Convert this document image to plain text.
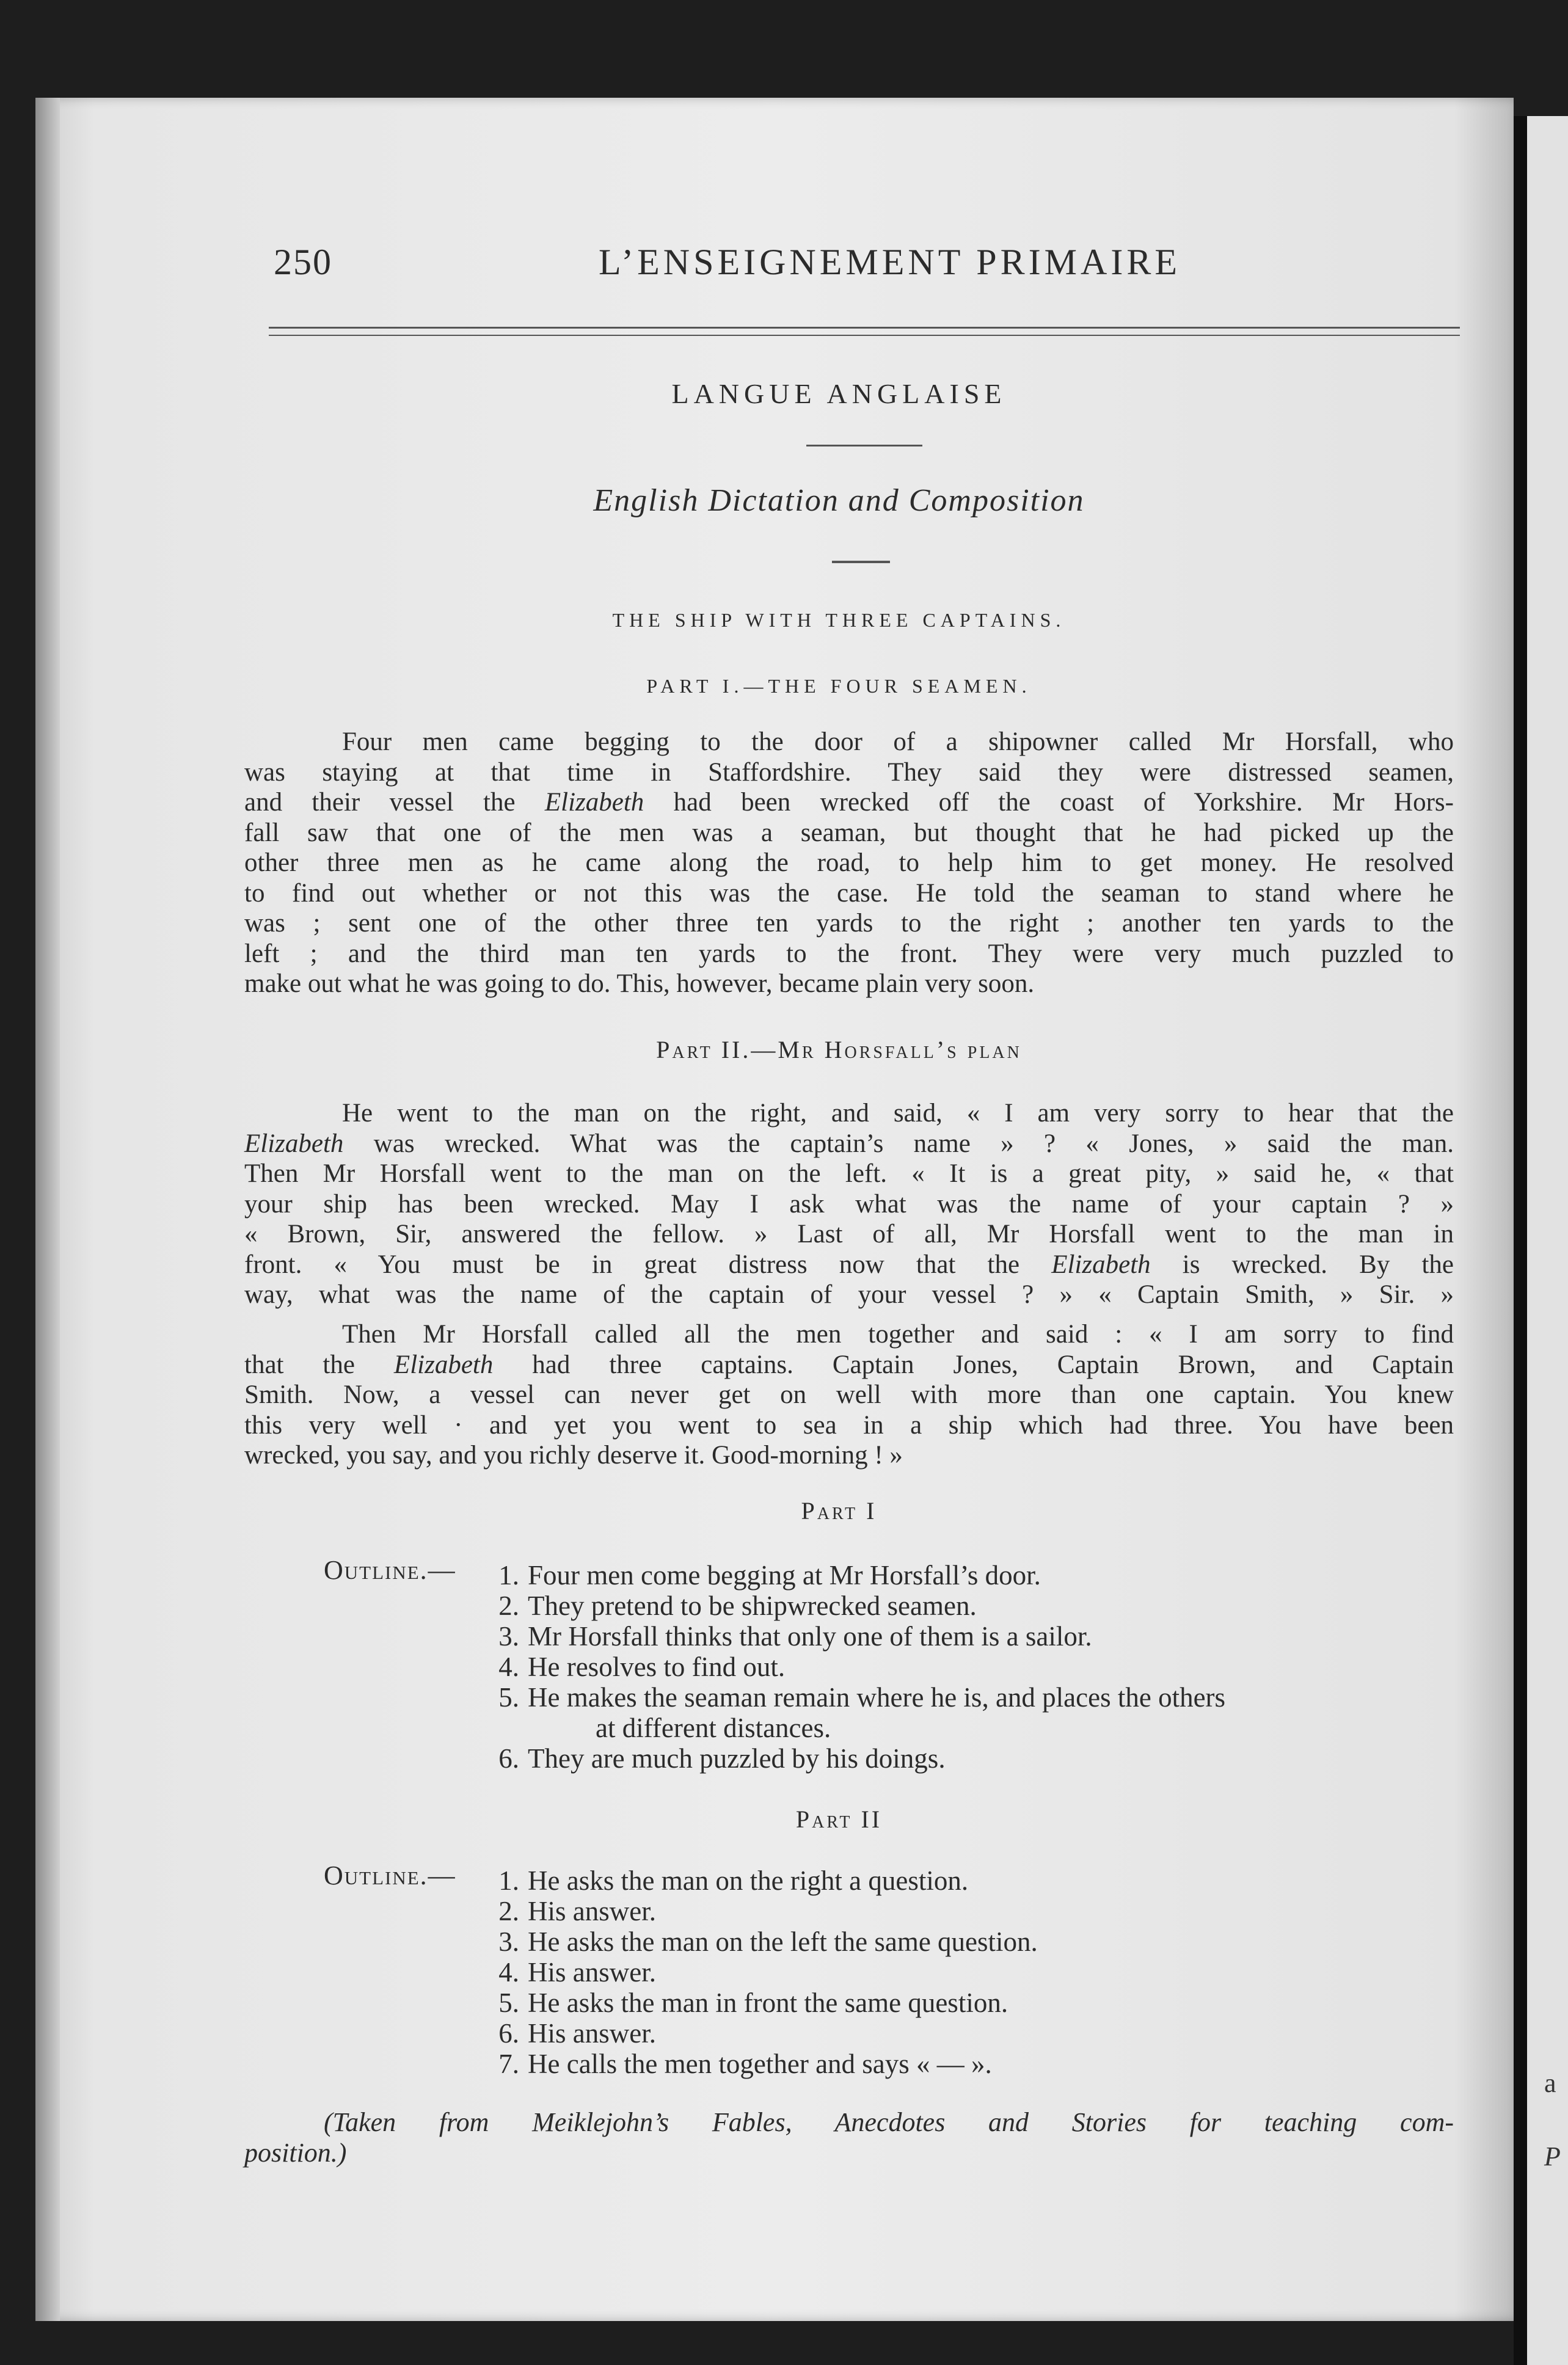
a
P
250	L’ENSEIGNEMENT PRIMAIRE
LANGUE ANGLAISE
English Dictation and Composition
THE SHIP WITH THREE CAPTAINS.
PART I.—THE FOUR SEAMEN.

Four men came begging to the door of a shipowner called Mr Horsfall, who

was staying at that time in Staffordshire. They said they were distressed seamen,

and their vessel the Elizabeth had been wrecked off the coast of Yorkshire. Mr Hors-

fall saw that one of the men was a seaman, but thought that he had picked up the

other three men as he came along the road, to help him to get money. He resolved

to find out whether or not this was the case. He told the seaman to stand where he

was ; sent one of the other three ten yards to the right ; another ten yards to the

left ; and the third man ten yards to the front. They were very much puzzled to

make out what he was going to do. This, however, became plain very soon.

Part II.—Mr Horsfall’s plan

He went to the man on the right, and said, « I am very sorry to hear that the

Elizabeth was wrecked. What was the captain’s name » ? « Jones, » said the man.

Then Mr Horsfall went to the man on the left. « It is a great pity, » said he, « that

your ship has been wrecked. May I ask what was the name of your captain ? »

« Brown, Sir, answered the fellow. » Last of all, Mr Horsfall went to the man in

front. « You must be in great distress now that the Elizabeth is wrecked. By the

way, what was the name of the captain of your vessel ? » « Captain Smith, » Sir. »

Then Mr Horsfall called all the men together and said : « I am sorry to find

that the Elizabeth had three captains. Captain Jones, Captain Brown, and Captain

Smith. Now, a vessel can never get on well with more than one captain. You knew

this very well · and yet you went to sea in a ship which had three. You have been

wrecked, you say, and you richly deserve it. Good-morning ! »

Part I
Outline.—	1. Four men come begging at Mr Horsfall’s door.
2. They pretend to be shipwrecked seamen.
3. Mr Horsfall thinks that only one of them is a sailor.
4. He resolves to find out.
5. He makes the seaman remain where he is, and places the others
at different distances.
6. They are much puzzled by his doings.
Part II
Outline.—	1. He asks the man on the right a question.
2. His answer.
3. He asks the man on the left the same question.
4. His answer.
5. He asks the man in front the same question.
6. His answer.
7. He calls the men together and says « — ».

(Taken from Meiklejohn’s Fables, Anecdotes and Stories for teaching com-

position.)
